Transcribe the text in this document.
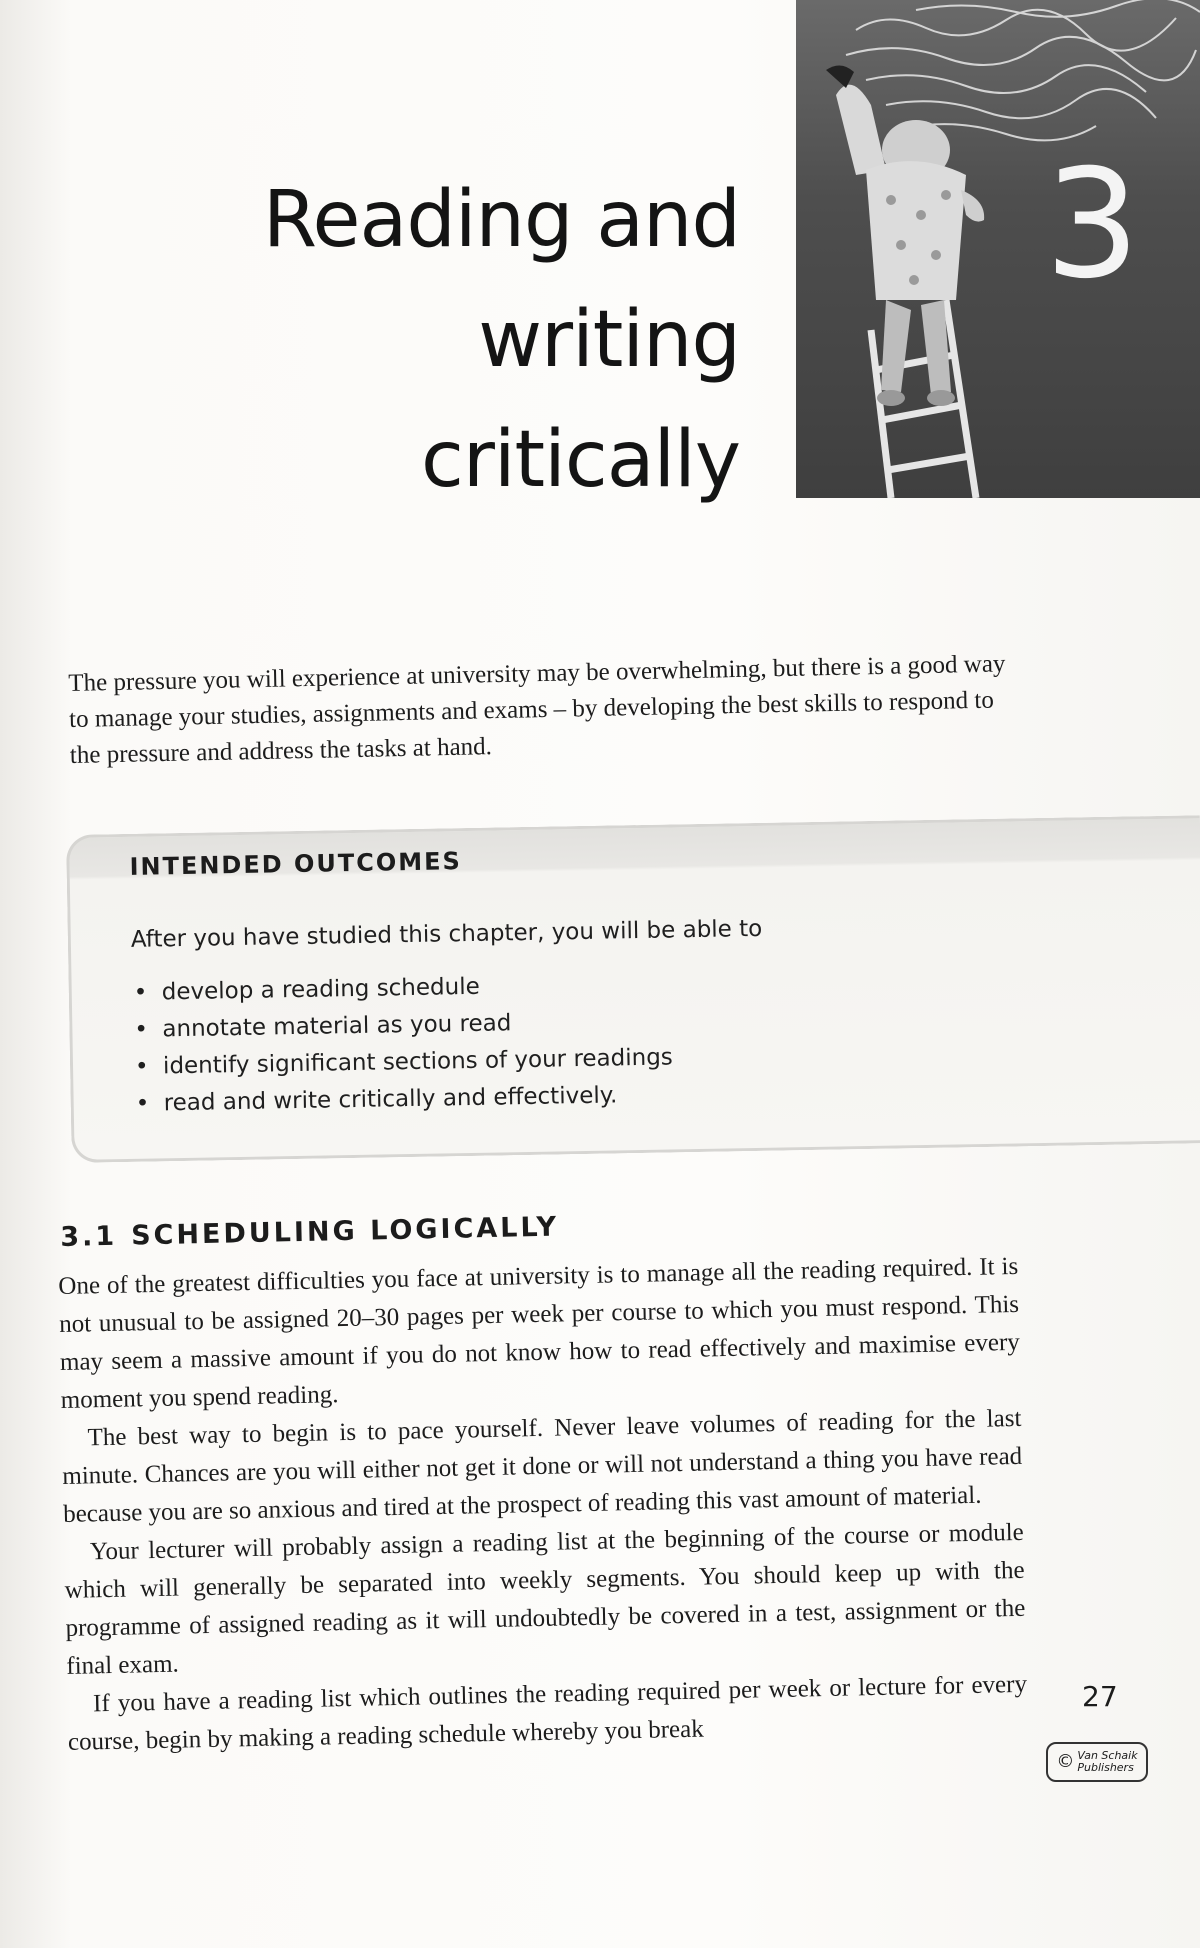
Reading and
writing critically
3
The pressure you will experience at university may be overwhelming, but there is a good way to manage your studies, assignments and exams – by developing the best skills to respond to the pressure and address the tasks at hand.
INTENDED OUTCOMES
After you have studied this chapter, you will be able to
• develop a reading schedule
• annotate material as you read
• identify significant sections of your readings
• read and write critically and effectively.
3.1 SCHEDULING LOGICALLY

One of the greatest difficulties you face at university is to manage all the reading required. It is not unusual to be assigned 20–30 pages per week per course to which you must respond. This may seem a massive amount if you do not know how to read effectively and maximise every moment you spend reading.

The best way to begin is to pace yourself. Never leave volumes of reading for the last minute. Chances are you will either not get it done or will not understand a thing you have read because you are so anxious and tired at the prospect of reading this vast amount of material.

Your lecturer will probably assign a reading list at the beginning of the course or module which will generally be separated into weekly segments. You should keep up with the programme of assigned reading as it will undoubtedly be covered in a test, assignment or the final exam.

If you have a reading list which outlines the reading required per week or lecture for every course, begin by making a reading schedule whereby you break

27
© Van Schaik
Publishers
